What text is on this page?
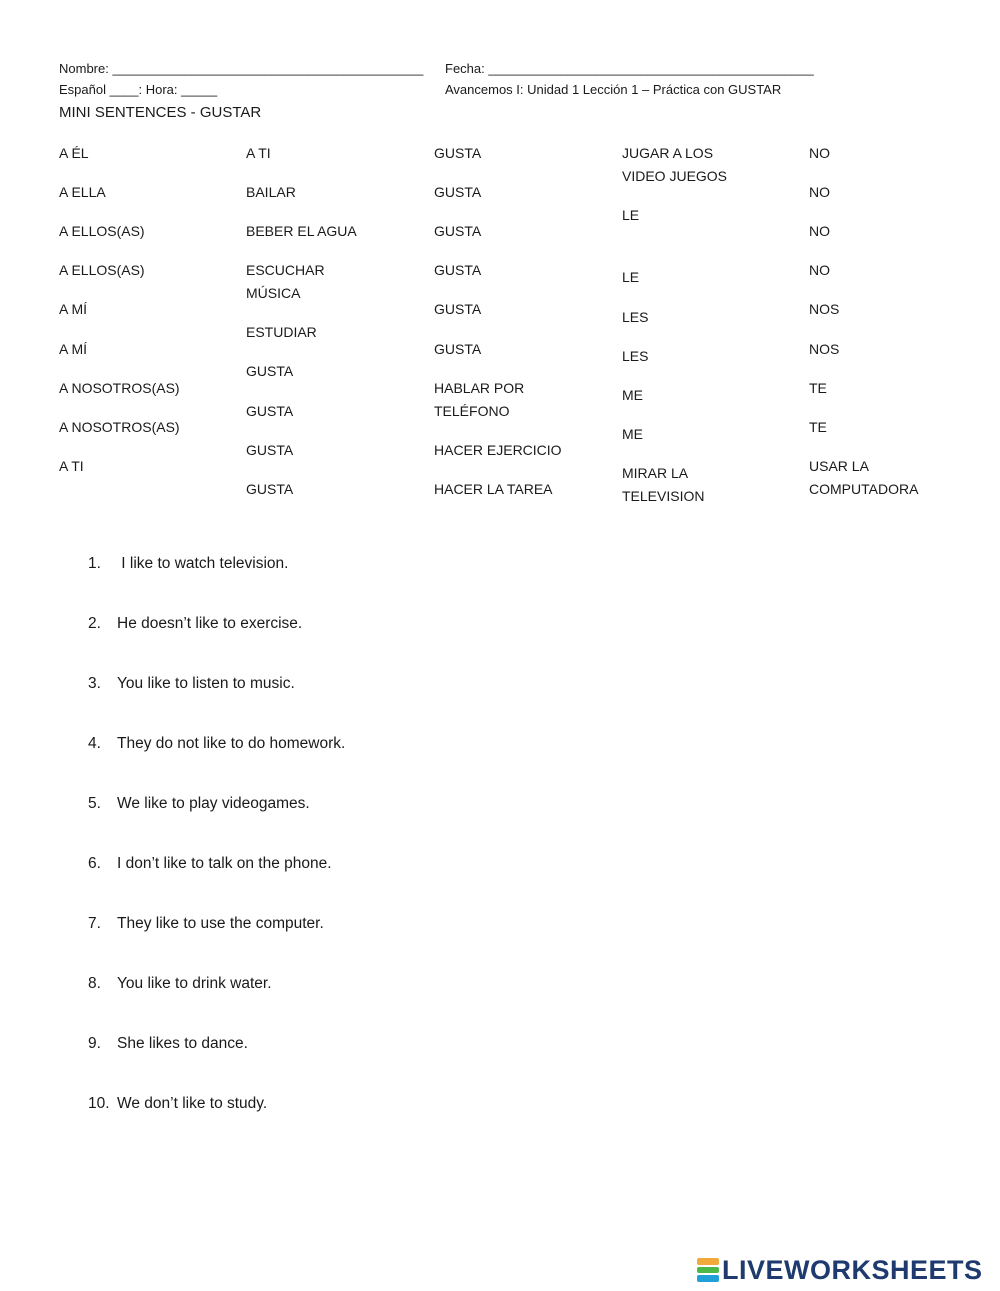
Nombre: ___________________________________________ Fecha: _____________________________________________
Español ____: Hora: _____	Avancemos I: Unidad 1 Lección 1 – Práctica con GUSTAR
MINI SENTENCES - GUSTAR
A ÉL
A ELLA
A ELLOS(AS)
A ELLOS(AS)
A MÍ
A MÍ
A NOSOTROS(AS)
A NOSOTROS(AS)
A TI
A TI
BAILAR
BEBER EL AGUA
ESCUCHAR
MÚSICA
ESTUDIAR
GUSTA
GUSTA
GUSTA
GUSTA
GUSTA
GUSTA
GUSTA
GUSTA
GUSTA
GUSTA
HABLAR POR
TELÉFONO
HACER EJERCICIO
HACER LA TAREA
JUGAR A LOS
VIDEO JUEGOS
LE
LE
LES
LES
ME
ME
MIRAR LA
TELEVISION
NO
NO
NO
NO
NOS
NOS
TE
TE
USAR LA
COMPUTADORA
1. I like to watch television.
2. He doesn’t like to exercise.
3. You like to listen to music.
4. They do not like to do homework.
5. We like to play videogames.
6. I don’t like to talk on the phone.
7. They like to use the computer.
8. You like to drink water.
9. She likes to dance.
10. We don’t like to study.
LIVEWORKSHEETS
